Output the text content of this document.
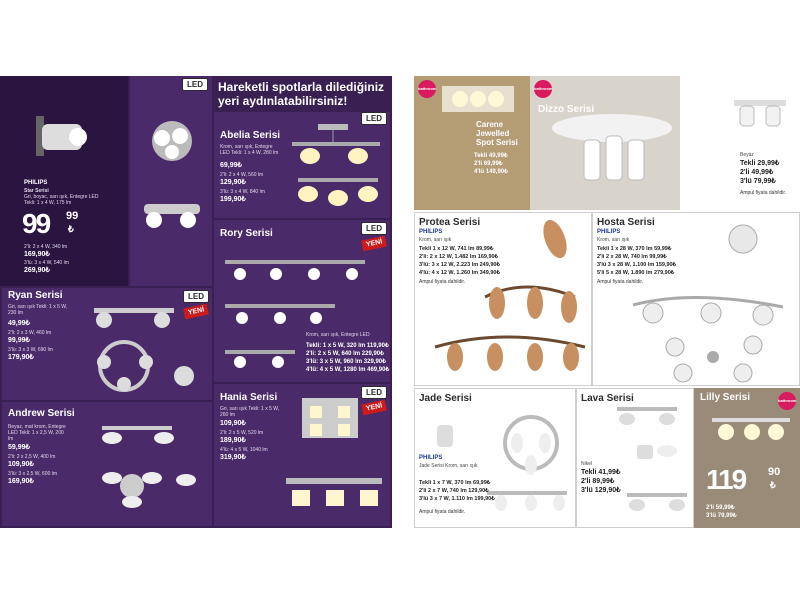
PHILIPS
Star Serisi
Gri, boyac, sarı ışık, Entegre LED Tekli: 1 x 4 W, 175 lm
99 99
₺
2'li: 2 x 4 W, 340 lm
169,90₺
3'lü: 3 x 4 W, 540 lm
269,90₺
LED	Hareketli spotlarla dilediğiniz yeri aydınlatabilirsiniz!
LED
Abelia Serisi
Krom, sarı ışık, Entegre LED Tekli: 1 x 4 W, 280 lm
69,99₺
2'li: 2 x 4 W, 560 lm
129,90₺
3'lü: 3 x 4 W, 840 lm
199,90₺
LED
YENİ
Rory Serisi
Krom, sarı ışık, Entegre LED
Tekli: 1 x 5 W, 320 lm 119,90₺
2'li: 2 x 5 W, 640 lm 229,90₺
3'lü: 3 x 5 W, 960 lm 329,90₺
4'lü: 4 x 5 W, 1280 lm 469,90₺
LED
YENİ
Ryan Serisi
Gri, sarı ışık Tekli: 1 x 5 W, 230 lm
49,99₺
2'li: 2 x 3 W, 460 lm
99,99₺
3'lü: 3 x 3 W, 690 lm
179,90₺
Andrew Serisi
Beyaz, mat krom, Entegre LED Tekli: 1 x 2,5 W, 200 lm
59,99₺
2'li: 2 x 2,5 W, 400 lm
109,90₺
3'lü: 3 x 2,5 W, 600 lm
169,90₺
LED
YENİ
Hania Serisi
Gri, sarı ışık Tekli: 1 x 5 W, 260 lm
109,90₺
2'li: 2 x 5 W, 520 lm
189,90₺
4'lü: 4 x 5 W, 1040 lm
319,90₺
bathroom
Carene Jewelled Spot Serisi
Tekli 49,99₺
2'li 69,99₺
4'lü 149,90₺
bathroom
Dizzo Serisi
Beyaz
Tekli 29,99₺
2'li 49,99₺
3'lü 79,99₺
Ampul fiyata dahildir.
Protea Serisi
PHILIPS
Krom, sarı ışık
Tekli 1 x 12 W, 741 lm 89,99₺
2'li: 2 x 12 W, 1.482 lm 169,90₺
3'lü: 3 x 12 W, 2.223 lm 249,90₺
4'lü: 4 x 12 W, 1.260 lm 349,90₺
Ampul fiyata dahildir.
Hosta Serisi
PHILIPS
Krom, sarı ışık
Tekli 1 x 28 W, 370 lm 59,99₺
2'li 2 x 28 W, 740 lm 99,99₺
3'lü 3 x 28 W, 1.100 lm 159,90₺
5'li 5 x 28 W, 1.890 lm 279,90₺
Ampul fiyata dahildir.
Jade Serisi
PHILIPS
Jade Serisi Krom, sarı ışık
Tekli 1 x 7 W, 370 lm 69,99₺
2'li 2 x 7 W, 740 lm 129,90₺
3'lü 3 x 7 W, 1.110 lm 199,90₺
Ampul fiyata dahildir.
Lava Serisi
Nikel
Tekli 41,99₺
2'li 89,99₺
3'lü 129,90₺
Lilly Serisi	bathroom
119 90
₺
2'li 59,99₺
3'lü 79,99₺
